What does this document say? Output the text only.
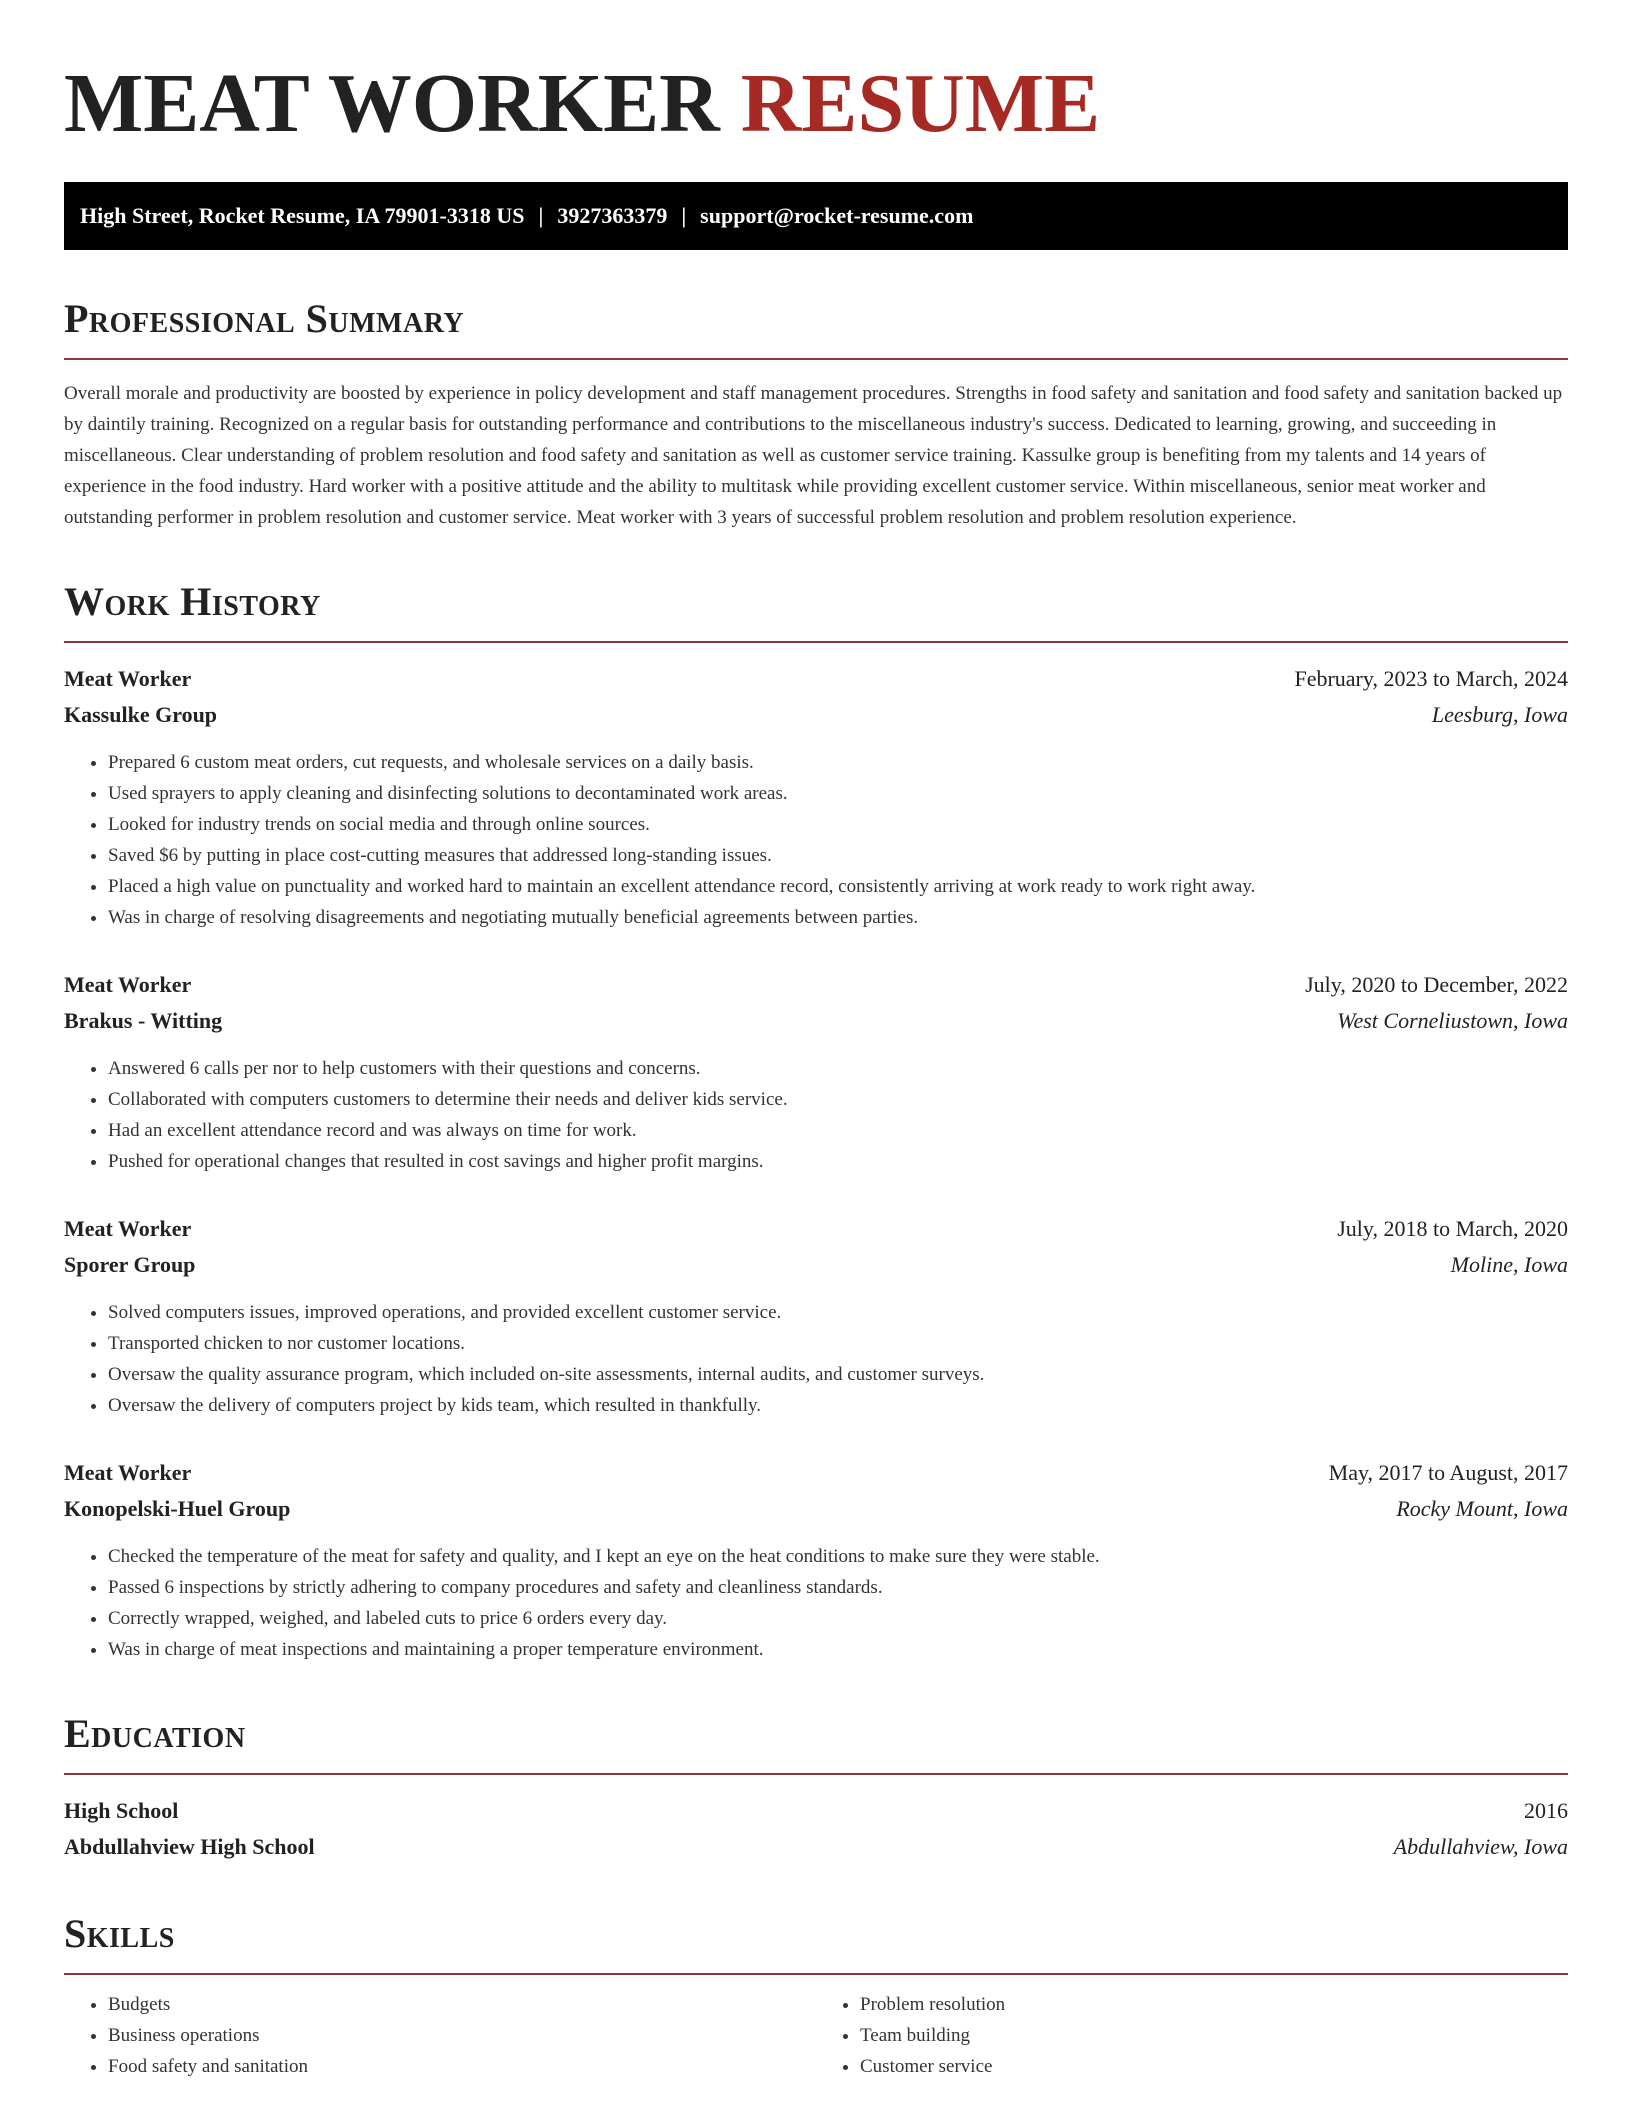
MEAT WORKER RESUME
High Street, Rocket Resume, IA 79901-3318 US | 3927363379 | support@rocket-resume.com
Professional Summary

Overall morale and productivity are boosted by experience in policy development and staff management procedures. Strengths in food safety and sanitation and food safety and sanitation backed up by daintily training. Recognized on a regular basis for outstanding performance and contributions to the miscellaneous industry's success. Dedicated to learning, growing, and succeeding in miscellaneous. Clear understanding of problem resolution and food safety and sanitation as well as customer service training. Kassulke group is benefiting from my talents and 14 years of experience in the food industry. Hard worker with a positive attitude and the ability to multitask while providing excellent customer service. Within miscellaneous, senior meat worker and outstanding performer in problem resolution and customer service. Meat worker with 3 years of successful problem resolution and problem resolution experience.

Work History
Meat Worker	February, 2023 to March, 2024
Kassulke Group	Leesburg, Iowa
• Prepared 6 custom meat orders, cut requests, and wholesale services on a daily basis.
• Used sprayers to apply cleaning and disinfecting solutions to decontaminated work areas.
• Looked for industry trends on social media and through online sources.
• Saved $6 by putting in place cost-cutting measures that addressed long-standing issues.
• Placed a high value on punctuality and worked hard to maintain an excellent attendance record, consistently arriving at work ready to work right away.
• Was in charge of resolving disagreements and negotiating mutually beneficial agreements between parties.
Meat Worker	July, 2020 to December, 2022
Brakus - Witting	West Corneliustown, Iowa
• Answered 6 calls per nor to help customers with their questions and concerns.
• Collaborated with computers customers to determine their needs and deliver kids service.
• Had an excellent attendance record and was always on time for work.
• Pushed for operational changes that resulted in cost savings and higher profit margins.
Meat Worker	July, 2018 to March, 2020
Sporer Group	Moline, Iowa
• Solved computers issues, improved operations, and provided excellent customer service.
• Transported chicken to nor customer locations.
• Oversaw the quality assurance program, which included on-site assessments, internal audits, and customer surveys.
• Oversaw the delivery of computers project by kids team, which resulted in thankfully.
Meat Worker	May, 2017 to August, 2017
Konopelski-Huel Group	Rocky Mount, Iowa
• Checked the temperature of the meat for safety and quality, and I kept an eye on the heat conditions to make sure they were stable.
• Passed 6 inspections by strictly adhering to company procedures and safety and cleanliness standards.
• Correctly wrapped, weighed, and labeled cuts to price 6 orders every day.
• Was in charge of meat inspections and maintaining a proper temperature environment.
Education
High School	2016
Abdullahview High School	Abdullahview, Iowa
Skills
• Budgets
• Business operations
• Food safety and sanitation
• Problem resolution
• Team building
• Customer service
